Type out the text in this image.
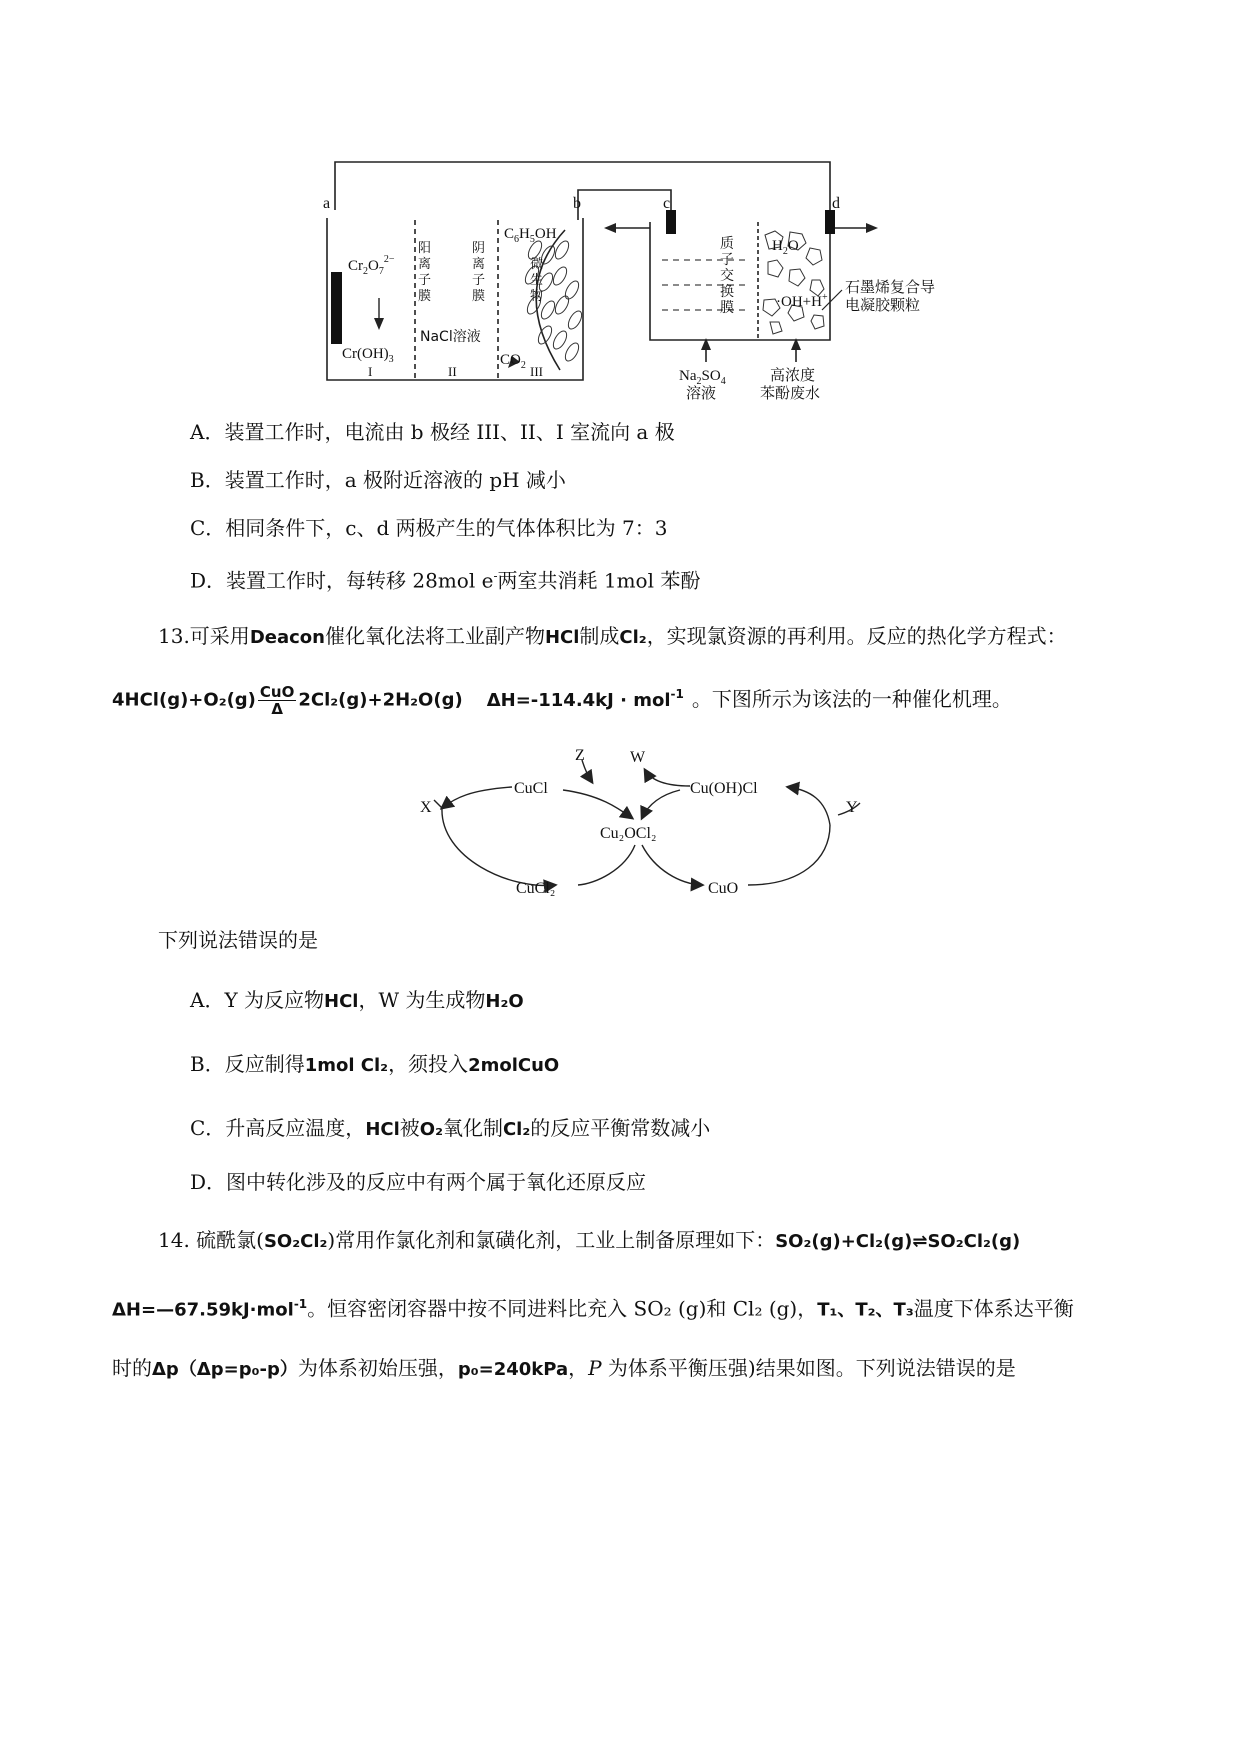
a	b	c	d
$Cr_2O_7^{2-}$
$Cr(OH)_3$
I	II	III
阳
离
子
膜
阴
离
子
膜
NaCl溶液
$C_6H_5OH$
微
生
物
$CO_2$
质
子
交
换
膜
$H_2O$
·OH+H+
石墨烯复合导
电凝胶颗粒
$Na_2SO_4$
溶液
高浓度
苯酚废水
A．装置工作时，电流由 b 极经 III、II、I 室流向 a 极
B．装置工作时，a 极附近溶液的 pH 减小
C．相同条件下，c、d 两极产生的气体体积比为 7：3
D．装置工作时，每转移 28mol e-两室共消耗 1mol 苯酚
13.可采用Deacon催化氧化法将工业副产物HCl制成Cl₂，实现氯资源的再利用。反应的热化学方程式：
$4HCl(g)+O_2(g) \frac{\text{CuO}}{\Delta} 2Cl_2(g)+2H_2O(g) \Delta H=-114.4kJ \cdot mol^{-1}$ 。下图所示为该法的一种催化机理。
CuCl
Cu₂OCl₂
Cu(OH)Cl
CuCl₂	CuO
X	Y
Z	W
下列说法错误的是
A．Y 为反应物HCl，W 为生成物H₂O
B．反应制得1mol Cl₂，须投入2molCuO
C．升高反应温度，HCl被O₂氧化制Cl₂的反应平衡常数减小
D．图中转化涉及的反应中有两个属于氧化还原反应
14. 硫酰氯(SO₂Cl₂)常用作氯化剂和氯磺化剂，工业上制备原理如下：SO₂(g)+Cl₂(g)⇌SO₂Cl₂(g)
ΔH=—67.59kJ·mol$^{-1}$。恒容密闭容器中按不同进料比充入 SO₂ (g)和 Cl₂ (g)，T₁、T₂、T₃温度下体系达平衡
时的Δp（Δp=p₀-p）为体系初始压强，p₀=240kPa，P 为体系平衡压强)结果如图。下列说法错误的是
